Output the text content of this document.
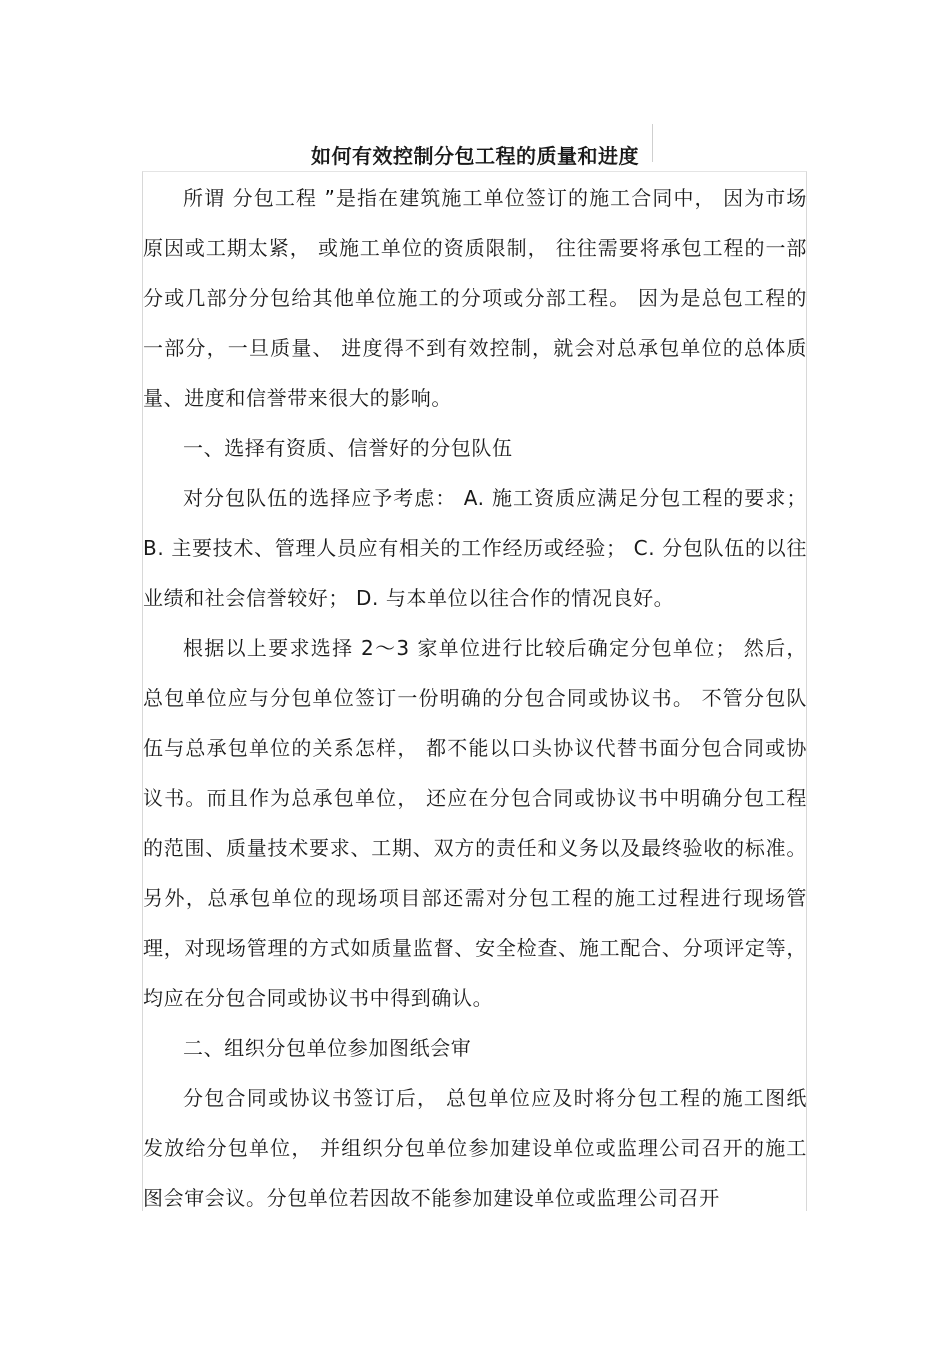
如何有效控制分包工程的质量和进度

所谓 分包工程 ”是指在建筑施工单位签订的施工合同中， 因为市场原因或工期太紧， 或施工单位的资质限制， 往往需要将承包工程的一部分或几部分分包给其他单位施工的分项或分部工程。 因为是总包工程的一部分，一旦质量、 进度得不到有效控制，就会对总承包单位的总体质量、进度和信誉带来很大的影响。

一、选择有资质、信誉好的分包队伍

对分包队伍的选择应予考虑： A. 施工资质应满足分包工程的要求；B. 主要技术、管理人员应有相关的工作经历或经验； C. 分包队伍的以往业绩和社会信誉较好； D. 与本单位以往合作的情况良好。

根据以上要求选择 2～3 家单位进行比较后确定分包单位； 然后，总包单位应与分包单位签订一份明确的分包合同或协议书。 不管分包队伍与总承包单位的关系怎样， 都不能以口头协议代替书面分包合同或协议书。而且作为总承包单位， 还应在分包合同或协议书中明确分包工程的范围、质量技术要求、工期、双方的责任和义务以及最终验收的标准。另外，总承包单位的现场项目部还需对分包工程的施工过程进行现场管理，对现场管理的方式如质量监督、安全检查、施工配合、分项评定等，均应在分包合同或协议书中得到确认。

二、组织分包单位参加图纸会审

分包合同或协议书签订后， 总包单位应及时将分包工程的施工图纸发放给分包单位， 并组织分包单位参加建设单位或监理公司召开的施工图会审会议。分包单位若因故不能参加建设单位或监理公司召开
